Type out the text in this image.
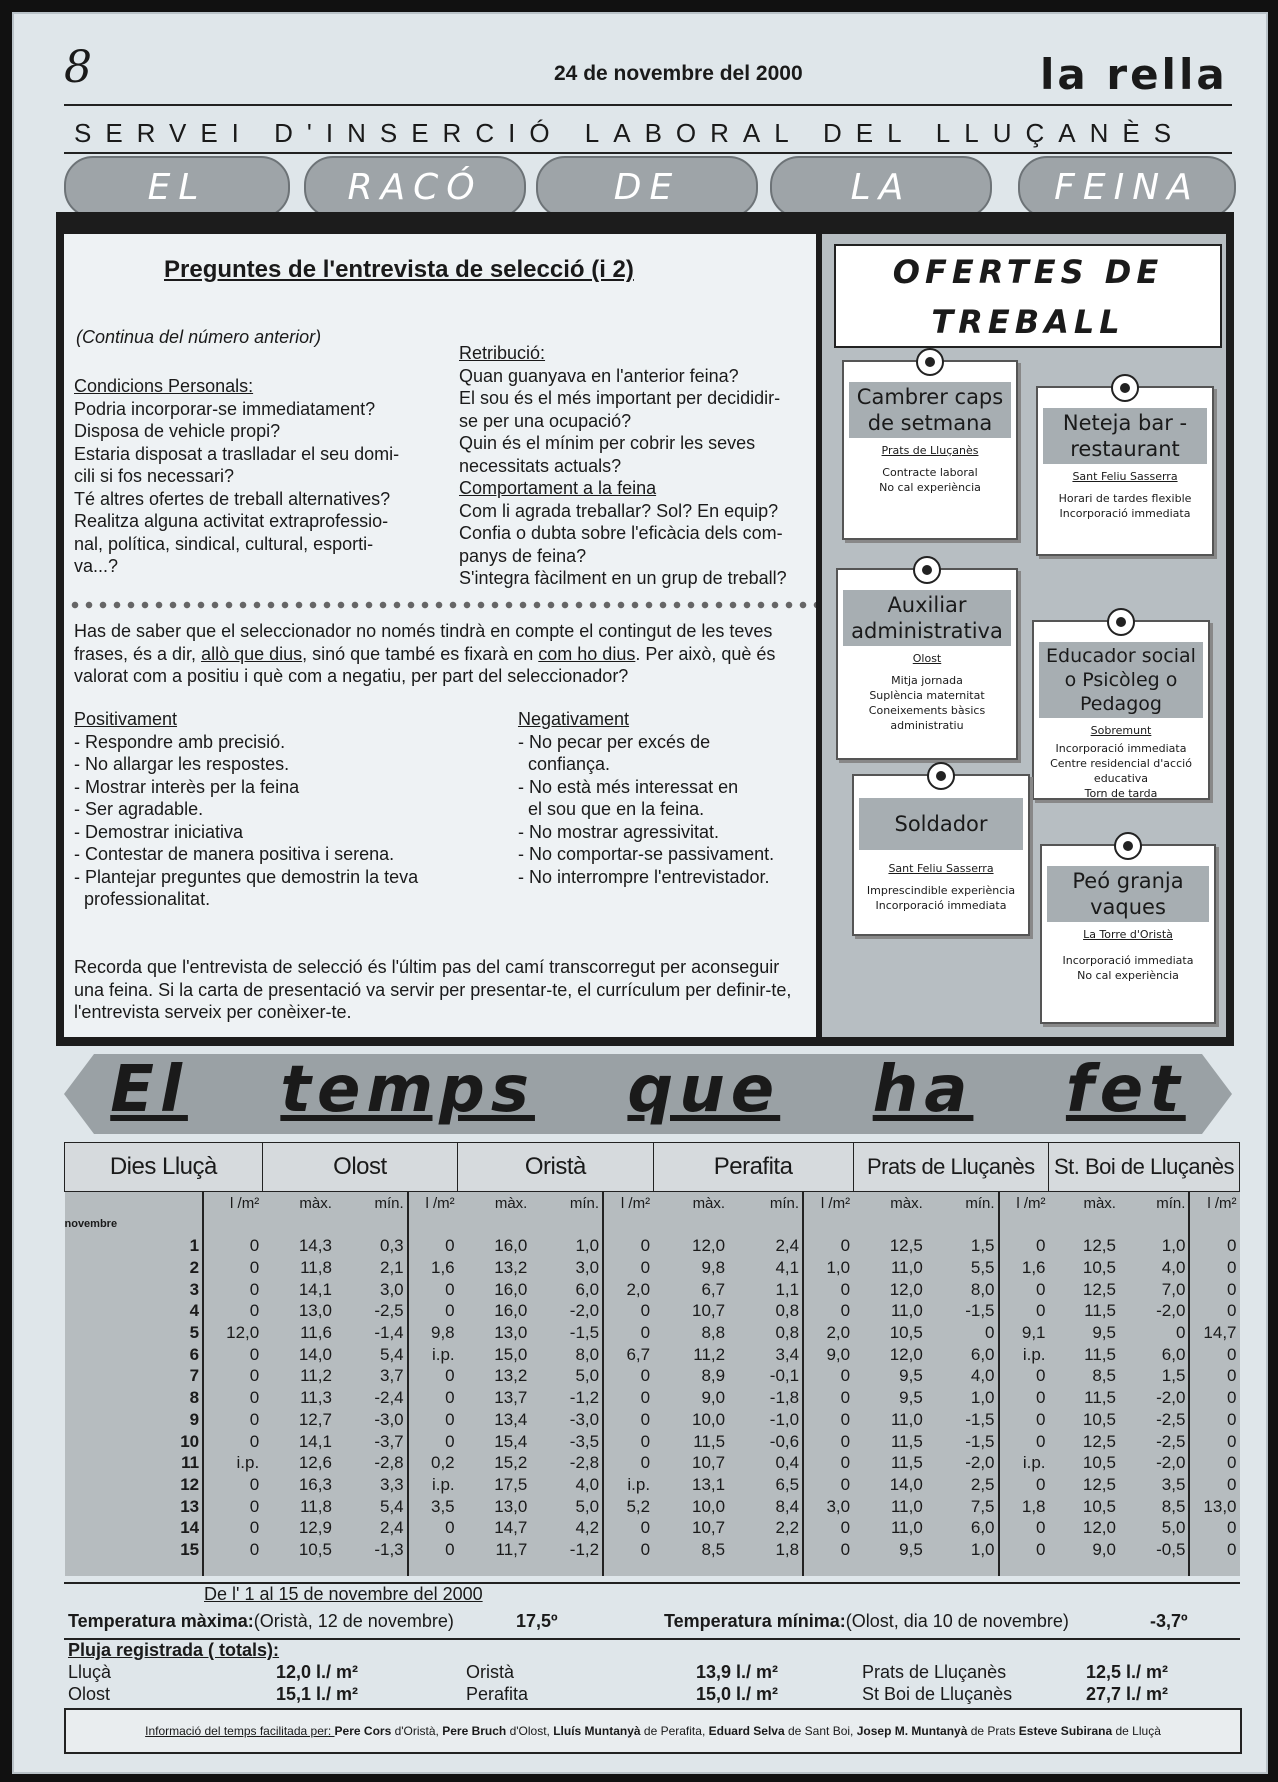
8	24 de novembre del 2000	la rella
SERVEI D'INSERCIÓ LABORAL DEL LLUÇANÈS
EL	RACÓ	DE	LA	FEINA
Preguntes de l'entrevista de selecció (i 2)
(Continua del número anterior)
Condicions Personals:
Podria incorporar-se immediatament?
Disposa de vehicle propi?
Estaria disposat a traslladar el seu domi-
cili si fos necessari?
Té altres ofertes de treball alternatives?
Realitza alguna activitat extraprofessio-
nal, política, sindical, cultural, esporti-
va...?
Retribució:
Quan guanyava en l'anterior feina?
El sou és el més important per decididir-
se per una ocupació?
Quin és el mínim per cobrir les seves
necessitats actuals?
Comportament a la feina
Com li agrada treballar? Sol? En equip?
Confia o dubta sobre l'eficàcia dels com-
panys de feina?
S'integra fàcilment en un grup de treball?
Has de saber que el seleccionador no només tindrà en compte el contingut de les teves frases, és a dir, allò que dius, sinó que també es fixarà en com ho dius. Per això, què és valorat com a positiu i què com a negatiu, per part del seleccionador?
Positivament
- Respondre amb precisió.
- No allargar les respostes.
- Mostrar interès per la feina
- Ser agradable.
- Demostrar iniciativa
- Contestar de manera positiva i serena.
- Plantejar preguntes que demostrin la teva
professionalitat.
Negativament
- No pecar per excés de
confiança.
- No està més interessat en
el sou que en la feina.
- No mostrar agressivitat.
- No comportar-se passivament.
- No interrompre l'entrevistador.
Recorda que l'entrevista de selecció és l'últim pas del camí transcorregut per aconseguir una feina. Si la carta de presentació va servir per presentar-te, el currículum per definir-te, l'entrevista serveix per conèixer-te.
OFERTES DE
TREBALL
Cambrer caps de setmana
Prats de Lluçanès
Contracte laboral
No cal experiència
Neteja bar - restaurant
Sant Feliu Sasserra
Horari de tardes flexible
Incorporació immediata
Auxiliar administrativa
Olost
Mitja jornada
Suplència maternitat
Coneixements bàsics
administratiu
Educador social o Psicòleg o Pedagog
Sobremunt
Incorporació immediata
Centre residencial d'acció
educativa
Torn de tarda
Soldador
Sant Feliu Sasserra
Imprescindible experiència
Incorporació immediata
Peó granja vaques
La Torre d'Oristà
Incorporació immediata
No cal experiència
El temps que ha fet
Dies Lluçà		Olost			Oristà			Perafita			Prats de Lluçanès			St. Boi de Lluçanès		
	l /m²	màx.	mín.	l /m²	màx.	mín.	l /m²	màx.	mín.	l /m²	màx.	mín.	l /m²	màx.	mín.	l /m²
novembre																
1	0	14,3	0,3	0	16,0	1,0	0	12,0	2,4	0	12,5	1,5	0	12,5	1,0	0
2	0	11,8	2,1	1,6	13,2	3,0	0	9,8	4,1	1,0	11,0	5,5	1,6	10,5	4,0	0
3	0	14,1	3,0	0	16,0	6,0	2,0	6,7	1,1	0	12,0	8,0	0	12,5	7,0	0
4	0	13,0	-2,5	0	16,0	-2,0	0	10,7	0,8	0	11,0	-1,5	0	11,5	-2,0	0
5	12,0	11,6	-1,4	9,8	13,0	-1,5	0	8,8	0,8	2,0	10,5	0	9,1	9,5	0	14,7
6	0	14,0	5,4	i.p.	15,0	8,0	6,7	11,2	3,4	9,0	12,0	6,0	i.p.	11,5	6,0	0
7	0	11,2	3,7	0	13,2	5,0	0	8,9	-0,1	0	9,5	4,0	0	8,5	1,5	0
8	0	11,3	-2,4	0	13,7	-1,2	0	9,0	-1,8	0	9,5	1,0	0	11,5	-2,0	0
9	0	12,7	-3,0	0	13,4	-3,0	0	10,0	-1,0	0	11,0	-1,5	0	10,5	-2,5	0
10	0	14,1	-3,7	0	15,4	-3,5	0	11,5	-0,6	0	11,5	-1,5	0	12,5	-2,5	0
11	i.p.	12,6	-2,8	0,2	15,2	-2,8	0	10,7	0,4	0	11,5	-2,0	i.p.	10,5	-2,0	0
12	0	16,3	3,3	i.p.	17,5	4,0	i.p.	13,1	6,5	0	14,0	2,5	0	12,5	3,5	0
13	0	11,8	5,4	3,5	13,0	5,0	5,2	10,0	8,4	3,0	11,0	7,5	1,8	10,5	8,5	13,0
14	0	12,9	2,4	0	14,7	4,2	0	10,7	2,2	0	11,0	6,0	0	12,0	5,0	0
15	0	10,5	-1,3	0	11,7	-1,2	0	8,5	1,8	0	9,5	1,0	0	9,0	-0,5	0

De l' 1 al 15 de novembre del 2000
Temperatura màxima:(Oristà, 12 de novembre)	17,5º	Temperatura mínima:(Olost, dia 10 de novembre)	-3,7º
Pluja registrada ( totals):
Lluçà	12,0 l./ m²
Olost	15,1 l./ m²
Oristà	13,9 l./ m²
Perafita	15,0 l./ m²
Prats de Lluçanès	12,5 l./ m²
St Boi de Lluçanès	27,7 l./ m²
Informació del temps facilitada per: Pere Cors d'Oristà, Pere Bruch d'Olost, Lluís Muntanyà de Perafita, Eduard Selva de Sant Boi, Josep M. Muntanyà de Prats Esteve Subirana de Lluçà
